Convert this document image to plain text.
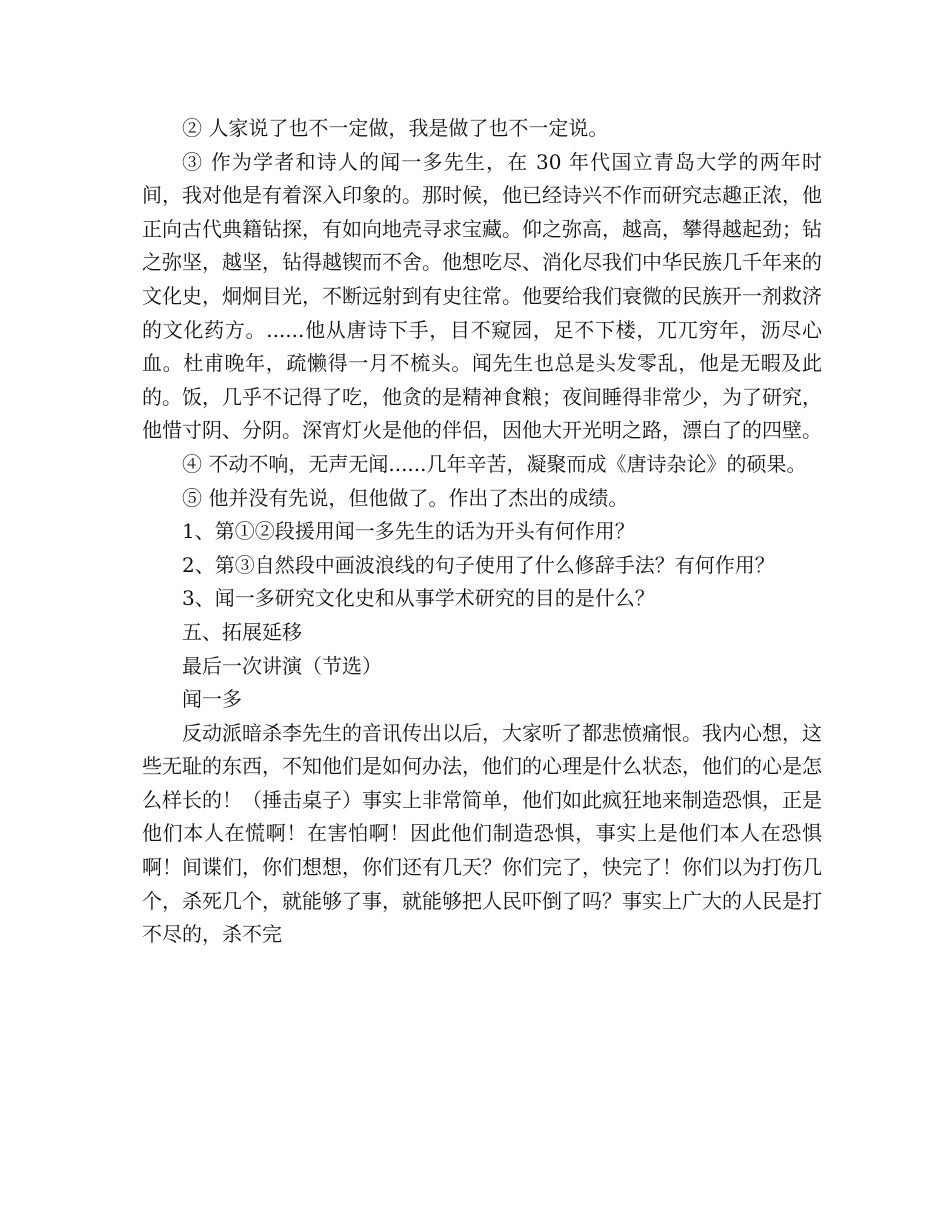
② 人家说了也不一定做，我是做了也不一定说。

③ 作为学者和诗人的闻一多先生，在 30 年代国立青岛大学的两年时间，我对他是有着深入印象的。那时候，他已经诗兴不作而研究志趣正浓，他正向古代典籍钻探，有如向地壳寻求宝藏。仰之弥高，越高，攀得越起劲；钻之弥坚，越坚，钻得越锲而不舍。他想吃尽、消化尽我们中华民族几千年来的文化史，炯炯目光，不断远射到有史往常。他要给我们衰微的民族开一剂救济的文化药方。......他从唐诗下手，目不窥园，足不下楼，兀兀穷年，沥尽心血。杜甫晚年，疏懒得一月不梳头。闻先生也总是头发零乱，他是无暇及此的。饭，几乎不记得了吃，他贪的是精神食粮；夜间睡得非常少，为了研究，他惜寸阴、分阴。深宵灯火是他的伴侣，因他大开光明之路，漂白了的四壁。

④ 不动不响，无声无闻......几年辛苦，凝聚而成《唐诗杂论》的硕果。

⑤ 他并没有先说，但他做了。作出了杰出的成绩。

1、第①②段援用闻一多先生的话为开头有何作用？

2、第③自然段中画波浪线的句子使用了什么修辞手法？有何作用？

3、闻一多研究文化史和从事学术研究的目的是什么？

五、拓展延移

最后一次讲演（节选）

闻一多

反动派暗杀李先生的音讯传出以后，大家听了都悲愤痛恨。我内心想，这些无耻的东西，不知他们是如何办法，他们的心理是什么状态，他们的心是怎么样长的！（捶击桌子）事实上非常简单，他们如此疯狂地来制造恐惧，正是他们本人在慌啊！在害怕啊！因此他们制造恐惧，事实上是他们本人在恐惧啊！间谍们，你们想想，你们还有几天？你们完了，快完了！你们以为打伤几个，杀死几个，就能够了事，就能够把人民吓倒了吗？事实上广大的人民是打不尽的，杀不完
